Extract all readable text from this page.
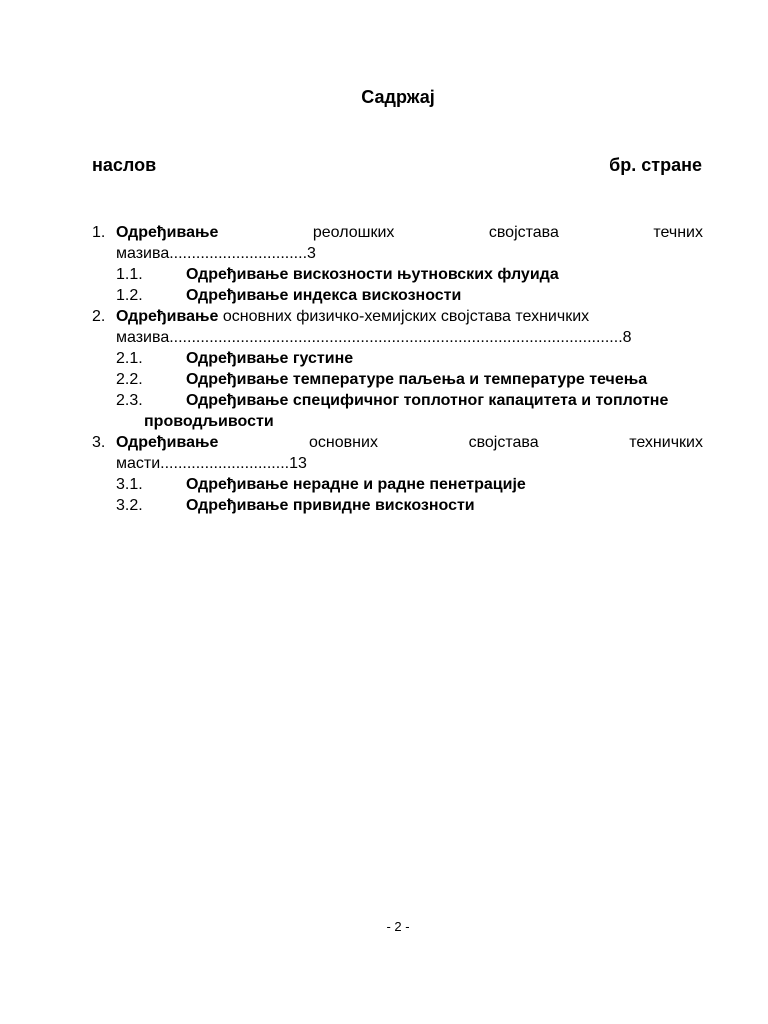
Садржај
наслов	бр. стране
1. Одређивање	реолошких	својстава	течних
мазива...............................3
1.1.	Одређивање вискозности њутновских флуида
1.2.	Одређивање индекса вискозности
2. Одређивање основних физичко-хемијских својстава техничких
мазива......................................................................................................8
2.1.	Одређивање густине
2.2.	Одређивање температуре паљења и температуре течења
2.3.	Одређивање специфичног топлотног капацитета и топлотне
проводљивости
3. Одређивање	основних	својстава	техничких
масти.............................13
3.1.	Одређивање нерадне и радне пенетрације
3.2.	Одређивање привидне вискозности
- 2 -
